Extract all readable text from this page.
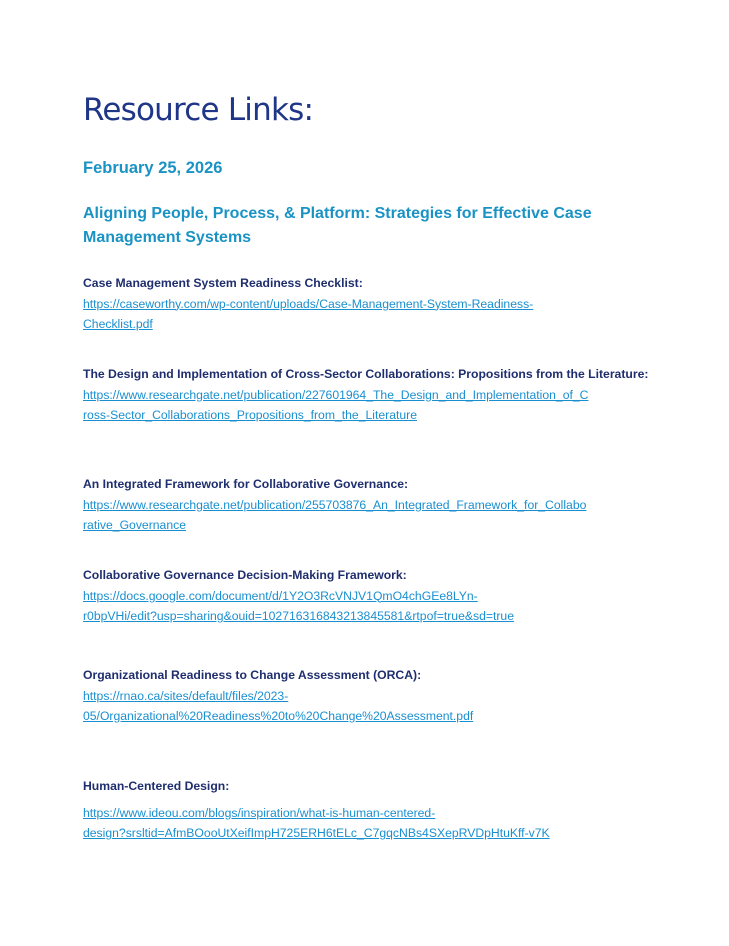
Resource Links:
February 25, 2026
Aligning People, Process, & Platform: Strategies for Effective Case Management Systems
Case Management System Readiness Checklist:
https://caseworthy.com/wp-content/uploads/Case-Management-System-Readiness-
Checklist.pdf
The Design and Implementation of Cross-Sector Collaborations: Propositions from the Literature:
https://www.researchgate.net/publication/227601964_The_Design_and_Implementation_of_C
ross-Sector_Collaborations_Propositions_from_the_Literature
An Integrated Framework for Collaborative Governance:
https://www.researchgate.net/publication/255703876_An_Integrated_Framework_for_Collabo
rative_Governance
Collaborative Governance Decision-Making Framework:
https://docs.google.com/document/d/1Y2O3RcVNJV1QmO4chGEe8LYn-
r0bpVHi/edit?usp=sharing&ouid=102716316843213845581&rtpof=true&sd=true
Organizational Readiness to Change Assessment (ORCA):
https://rnao.ca/sites/default/files/2023-
05/Organizational%20Readiness%20to%20Change%20Assessment.pdf
Human-Centered Design:
https://www.ideou.com/blogs/inspiration/what-is-human-centered-
design?srsltid=AfmBOooUtXeifImpH725ERH6tELc_C7gqcNBs4SXepRVDpHtuKff-v7K
